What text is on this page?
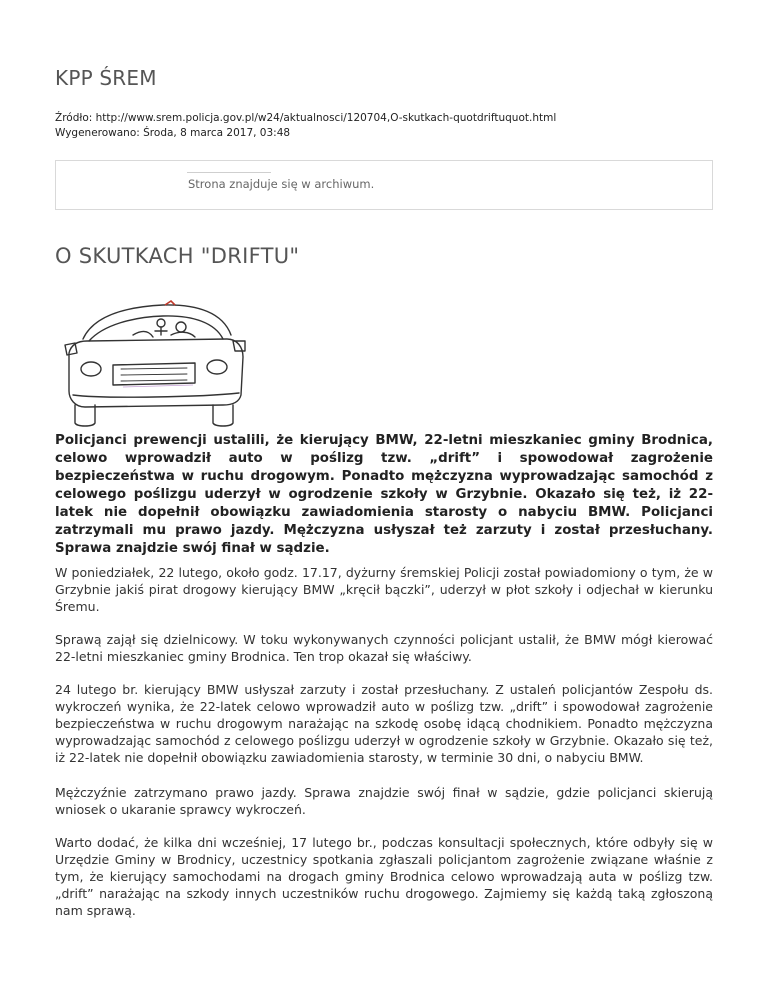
KPP ŚREM
Źródło: http://www.srem.policja.gov.pl/w24/aktualnosci/120704,O-skutkach-quotdriftuquot.html
Wygenerowano: Środa, 8 marca 2017, 03:48
Strona znajduje się w archiwum.
O SKUTKACH "DRIFTU"

Policjanci prewencji ustalili, że kierujący BMW, 22-letni mieszkaniec gminy Brodnica, celowo wprowadził auto w poślizg tzw. „drift” i spowodował zagrożenie bezpieczeństwa w ruchu drogowym. Ponadto mężczyzna wyprowadzając samochód z celowego poślizgu uderzył w ogrodzenie szkoły w Grzybnie. Okazało się też, iż 22-latek nie dopełnił obowiązku zawiadomienia starosty o nabyciu BMW. Policjanci zatrzymali mu prawo jazdy. Mężczyzna usłyszał też zarzuty i został przesłuchany. Sprawa znajdzie swój finał w sądzie.

W poniedziałek, 22 lutego, około godz. 17.17, dyżurny śremskiej Policji został powiadomiony o tym, że w Grzybnie jakiś pirat drogowy kierujący BMW „kręcił bączki”, uderzył w płot szkoły i odjechał w kierunku Śremu.

Sprawą zajął się dzielnicowy. W toku wykonywanych czynności policjant ustalił, że BMW mógł kierować 22-letni mieszkaniec gminy Brodnica. Ten trop okazał się właściwy.

24 lutego br. kierujący BMW usłyszał zarzuty i został przesłuchany. Z ustaleń policjantów Zespołu ds. wykroczeń wynika, że 22-latek celowo wprowadził auto w poślizg tzw. „drift” i spowodował zagrożenie bezpieczeństwa w ruchu drogowym narażając na szkodę osobę idącą chodnikiem. Ponadto mężczyzna wyprowadzając samochód z celowego poślizgu uderzył w ogrodzenie szkoły w Grzybnie. Okazało się też, iż 22-latek nie dopełnił obowiązku zawiadomienia starosty, w terminie 30 dni, o nabyciu BMW.

Mężczyźnie zatrzymano prawo jazdy. Sprawa znajdzie swój finał w sądzie, gdzie policjanci skierują wniosek o ukaranie sprawcy wykroczeń.

Warto dodać, że kilka dni wcześniej, 17 lutego br., podczas konsultacji społecznych, które odbyły się w Urzędzie Gminy w Brodnicy, uczestnicy spotkania zgłaszali policjantom zagrożenie związane właśnie z tym, że kierujący samochodami na drogach gminy Brodnica celowo wprowadzają auta w poślizg tzw. „drift” narażając na szkody innych uczestników ruchu drogowego. Zajmiemy się każdą taką zgłoszoną nam sprawą.
